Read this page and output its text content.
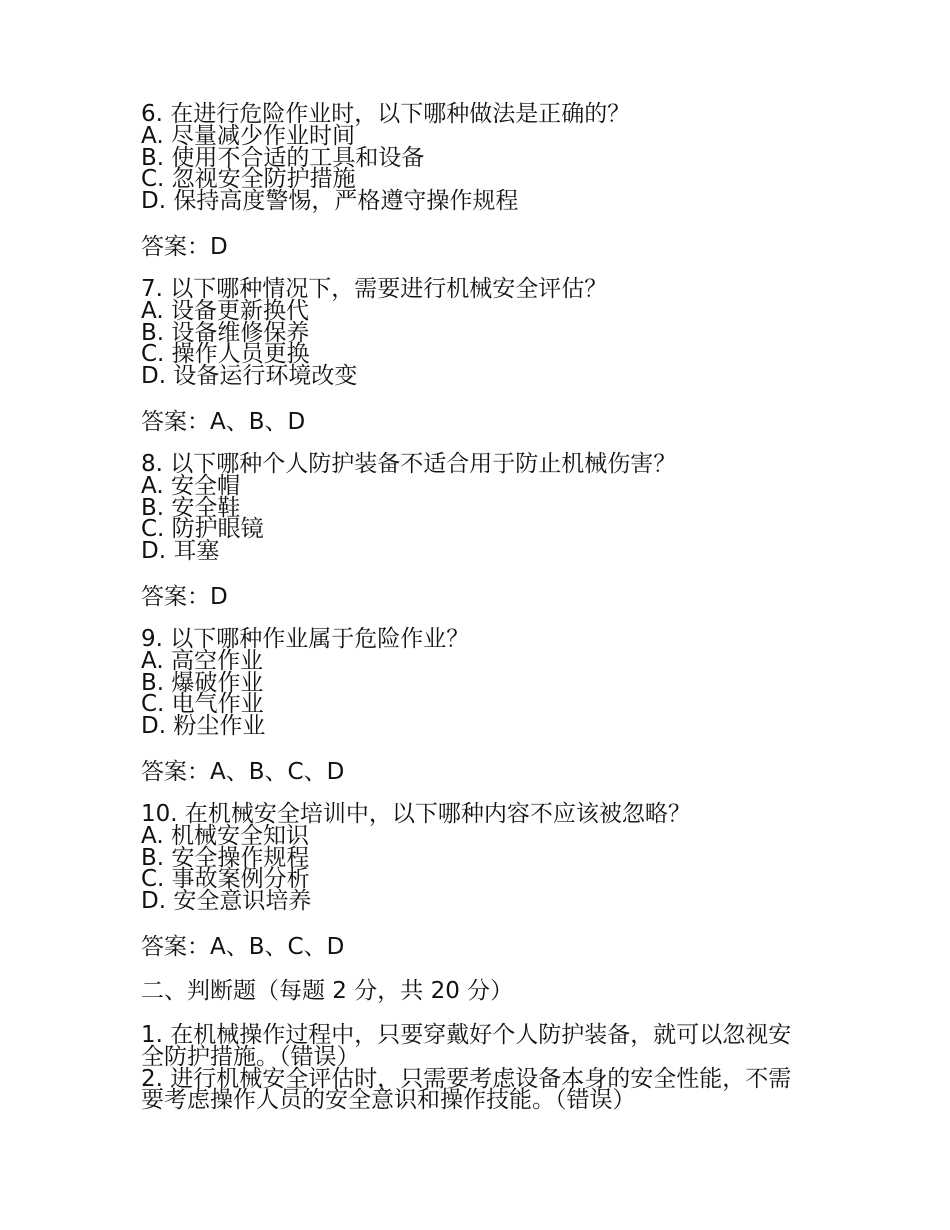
6. 在进行危险作业时，以下哪种做法是正确的？
A. 尽量减少作业时间
B. 使用不合适的工具和设备
C. 忽视安全防护措施
D. 保持高度警惕，严格遵守操作规程
答案：D
7. 以下哪种情况下，需要进行机械安全评估？
A. 设备更新换代
B. 设备维修保养
C. 操作人员更换
D. 设备运行环境改变
答案：A、B、D
8. 以下哪种个人防护装备不适合用于防止机械伤害？
A. 安全帽
B. 安全鞋
C. 防护眼镜
D. 耳塞
答案：D
9. 以下哪种作业属于危险作业？
A. 高空作业
B. 爆破作业
C. 电气作业
D. 粉尘作业
答案：A、B、C、D
10. 在机械安全培训中，以下哪种内容不应该被忽略？
A. 机械安全知识
B. 安全操作规程
C. 事故案例分析
D. 安全意识培养
答案：A、B、C、D
二、判断题（每题 2 分，共 20 分）
1. 在机械操作过程中，只要穿戴好个人防护装备，就可以忽视安全防护措施。（错误）
2. 进行机械安全评估时，只需要考虑设备本身的安全性能，不需要考虑操作人员的安全意识和操作技能。（错误）
